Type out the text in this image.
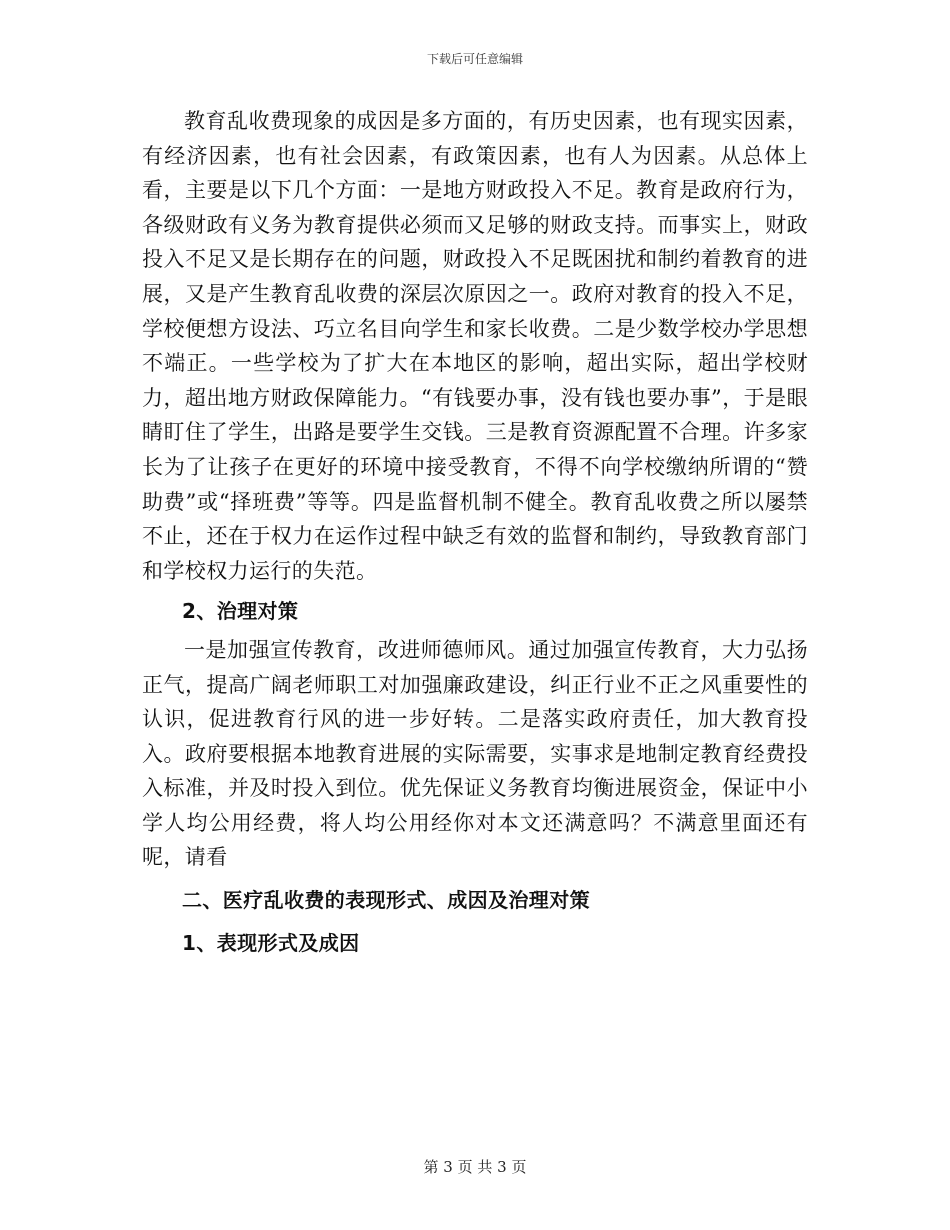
下载后可任意编辑

教育乱收费现象的成因是多方面的，有历史因素，也有现实因素，有经济因素，也有社会因素，有政策因素，也有人为因素。从总体上看，主要是以下几个方面：一是地方财政投入不足。教育是政府行为，各级财政有义务为教育提供必须而又足够的财政支持。而事实上，财政投入不足又是长期存在的问题，财政投入不足既困扰和制约着教育的进展，又是产生教育乱收费的深层次原因之一。政府对教育的投入不足，学校便想方设法、巧立名目向学生和家长收费。二是少数学校办学思想不端正。一些学校为了扩大在本地区的影响，超出实际，超出学校财力，超出地方财政保障能力。“有钱要办事，没有钱也要办事”，于是眼睛盯住了学生，出路是要学生交钱。三是教育资源配置不合理。许多家长为了让孩子在更好的环境中接受教育，不得不向学校缴纳所谓的“赞助费”或“择班费”等等。四是监督机制不健全。教育乱收费之所以屡禁不止，还在于权力在运作过程中缺乏有效的监督和制约，导致教育部门和学校权力运行的失范。

2、治理对策

一是加强宣传教育，改进师德师风。通过加强宣传教育，大力弘扬正气，提高广阔老师职工对加强廉政建设，纠正行业不正之风重要性的认识，促进教育行风的进一步好转。二是落实政府责任，加大教育投入。政府要根据本地教育进展的实际需要，实事求是地制定教育经费投入标准，并及时投入到位。优先保证义务教育均衡进展资金，保证中小学人均公用经费，将人均公用经你对本文还满意吗？不满意里面还有呢，请看

二、医疗乱收费的表现形式、成因及治理对策

1、表现形式及成因

第 3 页 共 3 页
